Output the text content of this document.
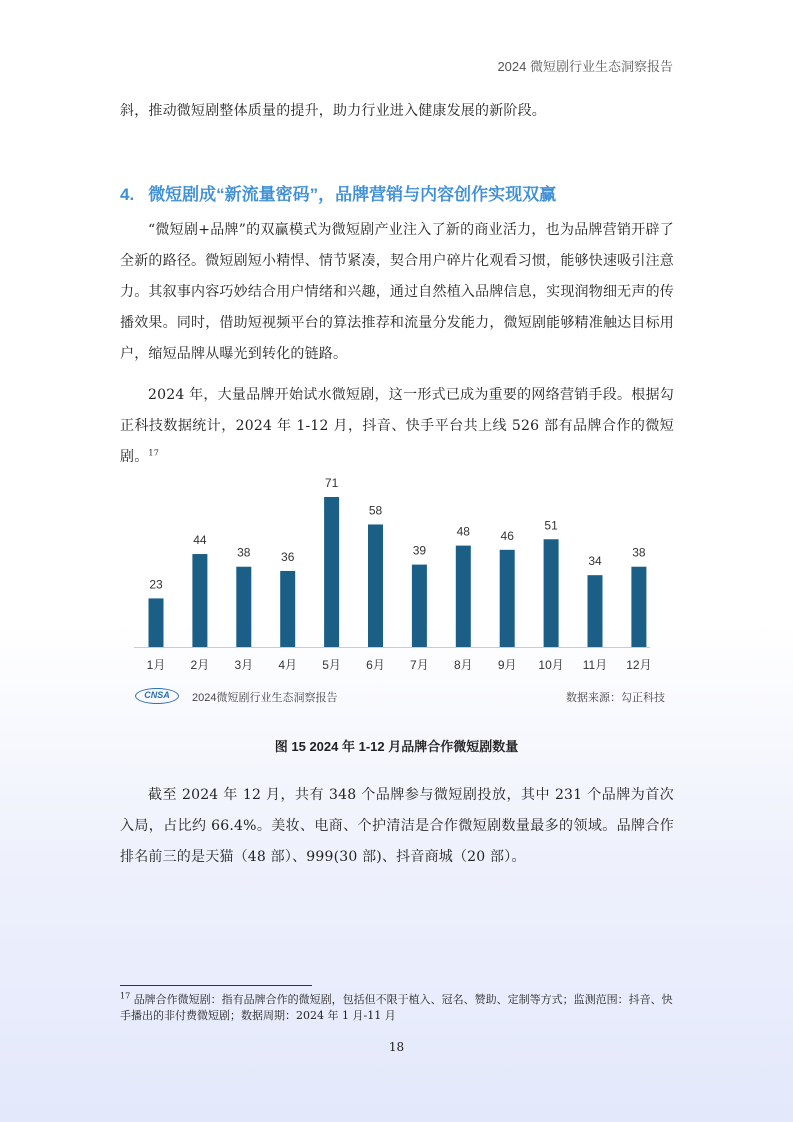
2024 微短剧行业生态洞察报告

斜，推动微短剧整体质量的提升，助力行业进入健康发展的新阶段。

4. 微短剧成“新流量密码”，品牌营销与内容创作实现双赢

“微短剧+品牌”的双赢模式为微短剧产业注入了新的商业活力，也为品牌营销开辟了全新的路径。微短剧短小精悍、情节紧凑，契合用户碎片化观看习惯，能够快速吸引注意力。其叙事内容巧妙结合用户情绪和兴趣，通过自然植入品牌信息，实现润物细无声的传播效果。同时，借助短视频平台的算法推荐和流量分发能力，微短剧能够精准触达目标用户，缩短品牌从曝光到转化的链路。

2024 年，大量品牌开始试水微短剧，这一形式已成为重要的网络营销手段。根据勾正科技数据统计，2024 年 1-12 月，抖音、快手平台共上线 526 部有品牌合作的微短剧。$^{17}$

23
1月
44
2月
38
3月
36
4月
71
5月
58
6月
39
7月
48
8月
46
9月
51
10月
34
11月
38
12月
CNSA	2024微短剧行业生态洞察报告	数据来源：勾正科技
图 15 2024 年 1-12 月品牌合作微短剧数量

截至 2024 年 12 月，共有 348 个品牌参与微短剧投放，其中 231 个品牌为首次入局，占比约 66.4%。美妆、电商、个护清洁是合作微短剧数量最多的领域。品牌合作排名前三的是天猫（48 部）、999(30 部)、抖音商城（20 部）。

$^{17}$ 品牌合作微短剧：指有品牌合作的微短剧，包括但不限于植入、冠名、赞助、定制等方式；监测范围：抖音、快手播出的非付费微短剧；数据周期：2024 年 1 月-11 月

18
